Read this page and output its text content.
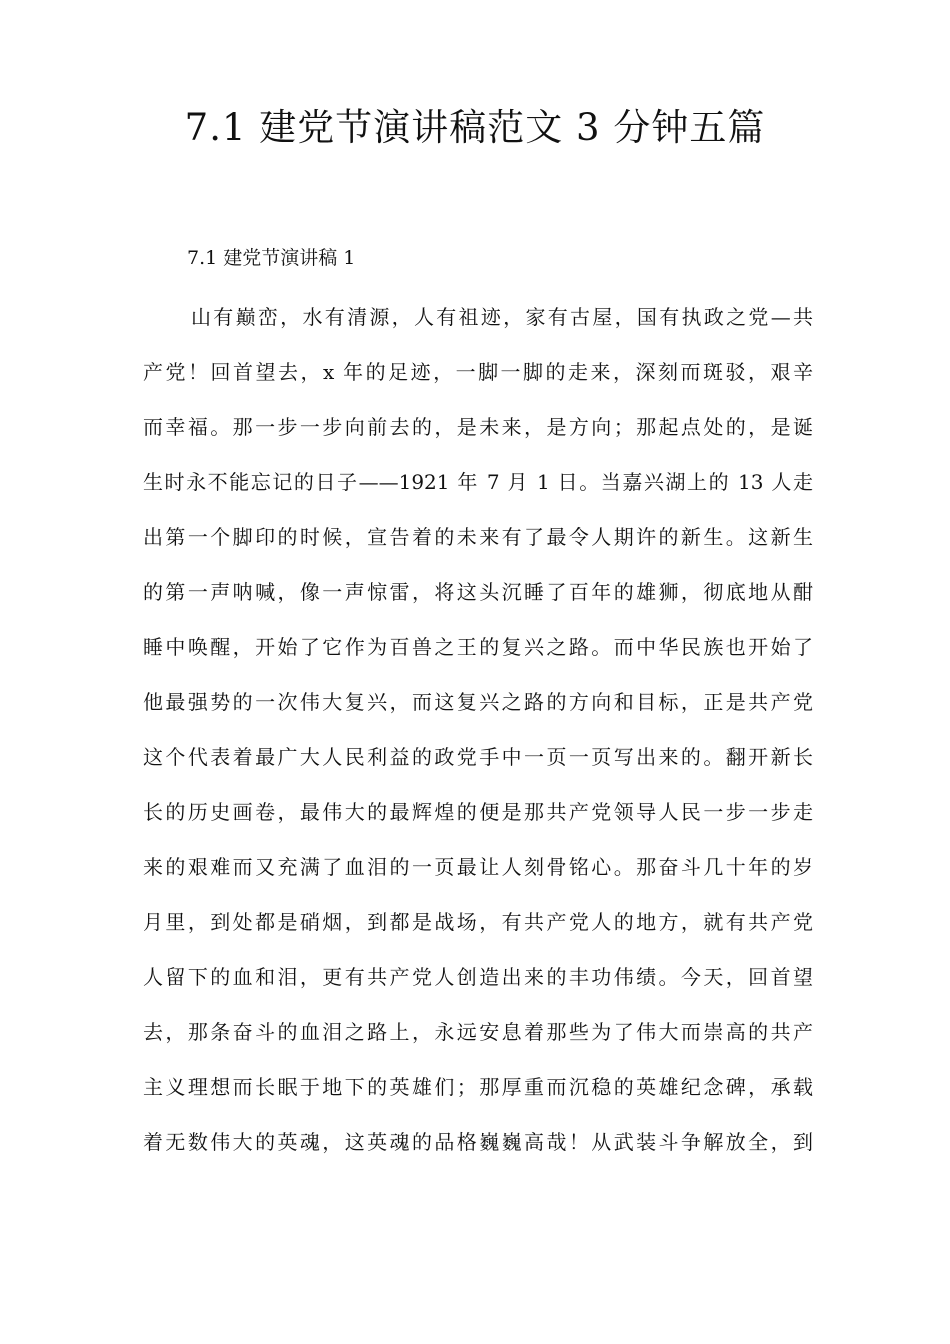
7.1 建党节演讲稿范文 3 分钟五篇
7.1 建党节演讲稿 1
山有巅峦，水有清源，人有祖迹，家有古屋，国有执政之党—共
产党！回首望去，x 年的足迹，一脚一脚的走来，深刻而斑驳，艰辛
而幸福。那一步一步向前去的，是未来，是方向；那起点处的，是诞
生时永不能忘记的日子——1921 年 7 月 1 日。当嘉兴湖上的 13 人走
出第一个脚印的时候，宣告着的未来有了最令人期许的新生。这新生
的第一声呐喊，像一声惊雷，将这头沉睡了百年的雄狮，彻底地从酣
睡中唤醒，开始了它作为百兽之王的复兴之路。而中华民族也开始了
他最强势的一次伟大复兴，而这复兴之路的方向和目标，正是共产党
这个代表着最广大人民利益的政党手中一页一页写出来的。翻开新长
长的历史画卷，最伟大的最辉煌的便是那共产党领导人民一步一步走
来的艰难而又充满了血泪的一页最让人刻骨铭心。那奋斗几十年的岁
月里，到处都是硝烟，到都是战场，有共产党人的地方，就有共产党
人留下的血和泪，更有共产党人创造出来的丰功伟绩。今天，回首望
去，那条奋斗的血泪之路上，永远安息着那些为了伟大而崇高的共产
主义理想而长眠于地下的英雄们；那厚重而沉稳的英雄纪念碑，承载
着无数伟大的英魂，这英魂的品格巍巍高哉！从武装斗争解放全，到
